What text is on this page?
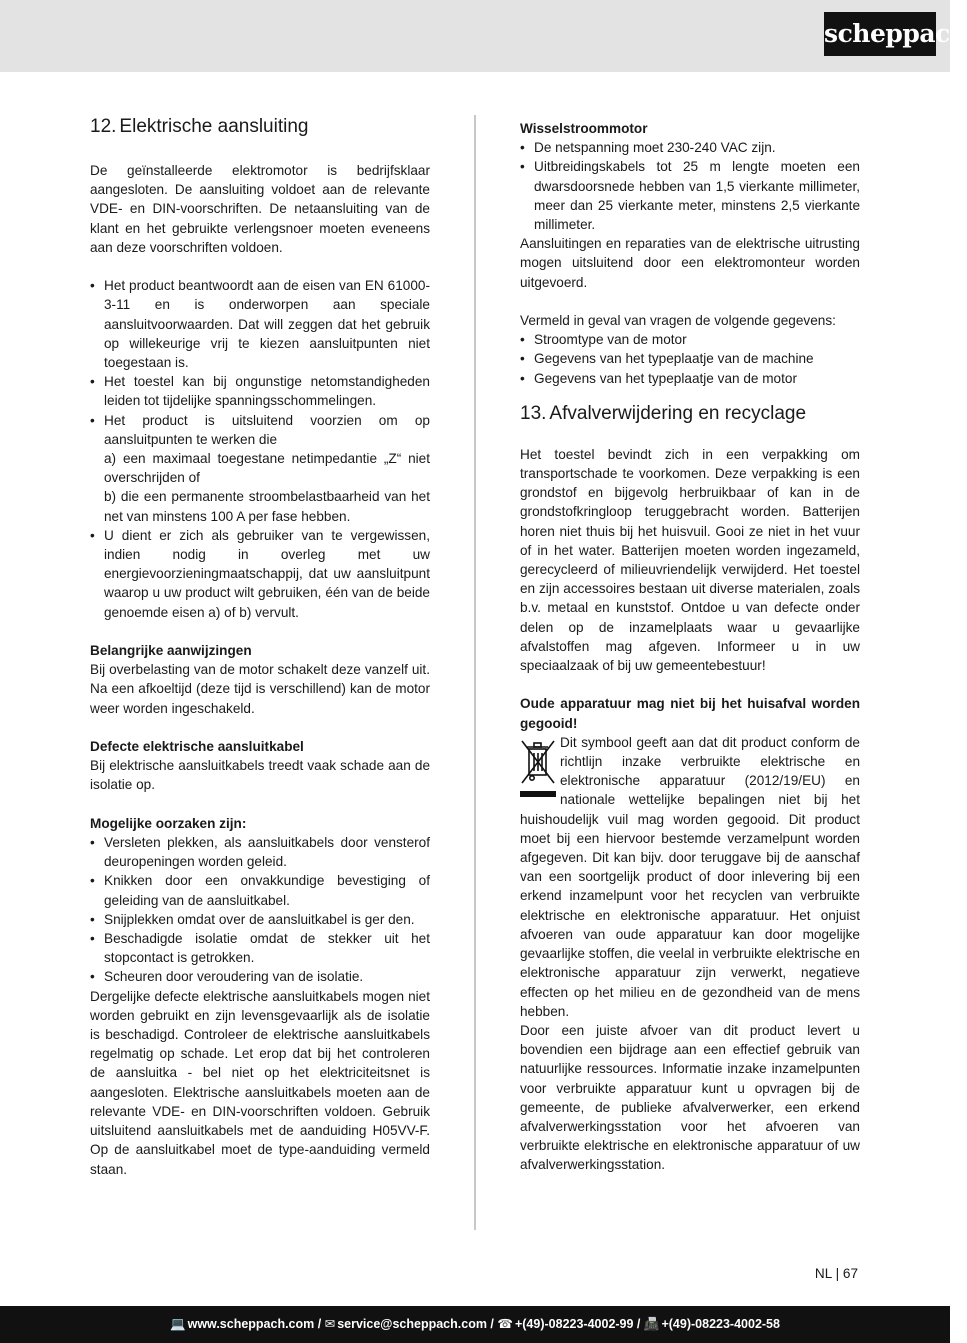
scheppach
12. Elektrische aansluiting

De geïnstalleerde elektromotor is bedrijfsklaar aangesloten. De aansluiting voldoet aan de relevante VDE- en DIN-voorschriften. De netaansluiting van de klant en het gebruikte verlengsnoer moeten eveneens aan deze voorschriften voldoen.

• Het product beantwoordt aan de eisen van EN 61000-3-11 en is onderworpen aan speciale aansluitvoorwaarden. Dat will zeggen dat het gebruik op willekeurige vrij te kiezen aansluitpunten niet toegestaan is.
• Het toestel kan bij ongunstige netomstandigheden leiden tot tijdelijke spanningsschommelingen.
• Het product is uitsluitend voorzien om op aansluitpunten te werken die
a) een maximaal toegestane netimpedantie „Z“ niet overschrijden of
b) die een permanente stroombelastbaarheid van het net van minstens 100 A per fase hebben.
• U dient er zich als gebruiker van te vergewissen, indien nodig in overleg met uw energievoorzieningmaatschappij, dat uw aansluitpunt waarop u uw product wilt gebruiken, één van de beide genoemde eisen a) of b) vervult.

Belangrijke aanwijzingen

Bij overbelasting van de motor schakelt deze vanzelf uit. Na een afkoeltijd (deze tijd is verschillend) kan de motor weer worden ingeschakeld.

Defecte elektrische aansluitkabel

Bij elektrische aansluitkabels treedt vaak schade aan de isolatie op.

Mogelijke oorzaken zijn:

• Versleten plekken, als aansluitkabels door vensterof deuropeningen worden geleid.
• Knikken door een onvakkundige bevestiging of geleiding van de aansluitkabel.
• Snijplekken omdat over de aansluitkabel is ger den.
• Beschadigde isolatie omdat de stekker uit het stopcontact is getrokken.
• Scheuren door veroudering van de isolatie.

Dergelijke defecte elektrische aansluitkabels mogen niet worden gebruikt en zijn levensgevaarlijk als de isolatie is beschadigd. Controleer de elektrische aansluitkabels regelmatig op schade. Let erop dat bij het controleren de aansluitka - bel niet op het elektriciteitsnet is aangesloten. Elektrische aansluitkabels moeten aan de relevante VDE- en DIN-voorschriften voldoen. Gebruik uitsluitend aansluitkabels met de aanduiding H05VV-F. Op de aansluitkabel moet de type-aanduiding vermeld staan.

Wisselstroommotor

• De netspanning moet 230-240 VAC zijn.
• Uitbreidingskabels tot 25 m lengte moeten een dwarsdoorsnede hebben van 1,5 vierkante millimeter, meer dan 25 vierkante meter, minstens 2,5 vierkante millimeter.

Aansluitingen en reparaties van de elektrische uitrusting mogen uitsluitend door een elektromonteur worden uitgevoerd.

Vermeld in geval van vragen de volgende gegevens:

• Stroomtype van de motor
• Gegevens van het typeplaatje van de machine
• Gegevens van het typeplaatje van de motor
13. Afvalverwijdering en recyclage

Het toestel bevindt zich in een verpakking om transportschade te voorkomen. Deze verpakking is een grondstof en bijgevolg herbruikbaar of kan in de grondstofkringloop teruggebracht worden. Batterijen horen niet thuis bij het huisvuil. Gooi ze niet in het vuur of in het water. Batterijen moeten worden ingezameld, gerecycleerd of milieuvriendelijk verwijderd. Het toestel en zijn accessoires bestaan uit diverse materialen, zoals b.v. metaal en kunststof. Ontdoe u van defecte onder delen op de inzamelplaats waar u gevaarlijke afvalstoffen mag afgeven. Informeer u in uw speciaalzaak of bij uw gemeentebestuur!

Oude apparatuur mag niet bij het huisafval worden gegooid!

Dit symbool geeft aan dat dit product conform de richtlijn inzake verbruikte elektrische en elektronische apparatuur (2012/19/EU) en nationale wettelijke bepalingen niet bij het huishoudelijk vuil mag worden gegooid. Dit product moet bij een hiervoor bestemde verzamelpunt worden afgegeven. Dit kan bijv. door teruggave bij de aanschaf van een soortgelijk product of door inlevering bij een erkend inzamelpunt voor het recyclen van verbruikte elektrische en elektronische apparatuur. Het onjuist afvoeren van oude apparatuur kan door mogelijke gevaarlijke stoffen, die veelal in verbruikte elektrische en elektronische apparatuur zijn verwerkt, negatieve effecten op het milieu en de gezondheid van de mens hebben.

Door een juiste afvoer van dit product levert u bovendien een bijdrage aan een effectief gebruik van natuurlijke ressources. Informatie inzake inzamelpunten voor verbruikte apparatuur kunt u opvragen bij de gemeente, de publieke afvalverwerker, een erkend afvalverwerkingsstation voor het afvoeren van verbruikte elektrische en elektronische apparatuur of uw afvalverwerkingsstation.

NL | 67
💻 www.scheppach.com / ✉ service@scheppach.com / ☎ +(49)-08223-4002-99 / 📠 +(49)-08223-4002-58
